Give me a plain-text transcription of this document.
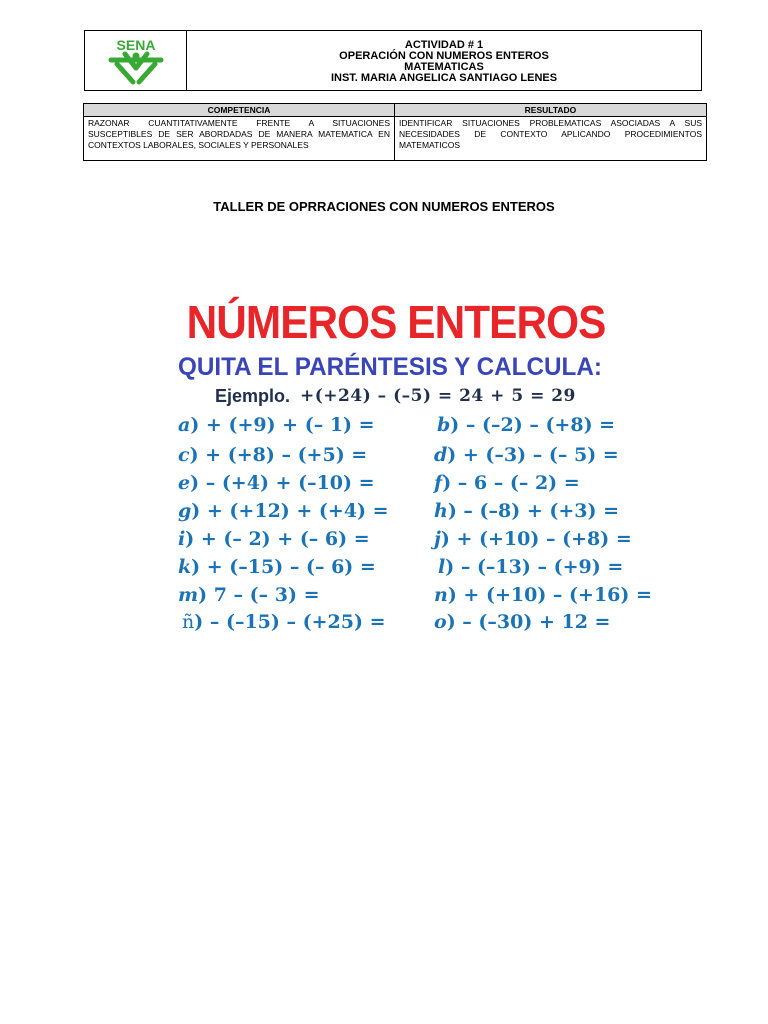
SENA	ACTIVIDAD # 1
OPERACIÓN CON NUMEROS ENTEROS
MATEMATICAS
INST. MARIA ANGELICA SANTIAGO LENES
COMPETENCIA	RESULTADO
RAZONAR CUANTITATIVAMENTE FRENTE A SITUACIONES SUSCEPTIBLES DE SER ABORDADAS DE MANERA MATEMATICA EN CONTEXTOS LABORALES, SOCIALES Y PERSONALES
IDENTIFICAR SITUACIONES PROBLEMATICAS ASOCIADAS A SUS NECESIDADES DE CONTEXTO APLICANDO PROCEDIMIENTOS MATEMATICOS
TALLER DE OPRRACIONES CON NUMEROS ENTEROS
NÚMEROS ENTEROS
QUITA EL PARÉNTESIS Y CALCULA:
Ejemplo. +(+24) – (–5) = 24 + 5 = 29
a) + (+9) + (– 1) =
c) + (+8) – (+5) =
e) – (+4) + (–10) =
g) + (+12) + (+4) =
i) + (– 2) + (– 6) =
k) + (–15) – (– 6) =
m) 7 – (– 3) =
ñ) – (–15) – (+25) =
b) – (–2) – (+8) =
d) + (–3) – (– 5) =
f) – 6 – (– 2) =
h) – (–8) + (+3) =
j) + (+10) – (+8) =
l) – (–13) – (+9) =
n) + (+10) – (+16) =
o) – (–30) + 12 =
